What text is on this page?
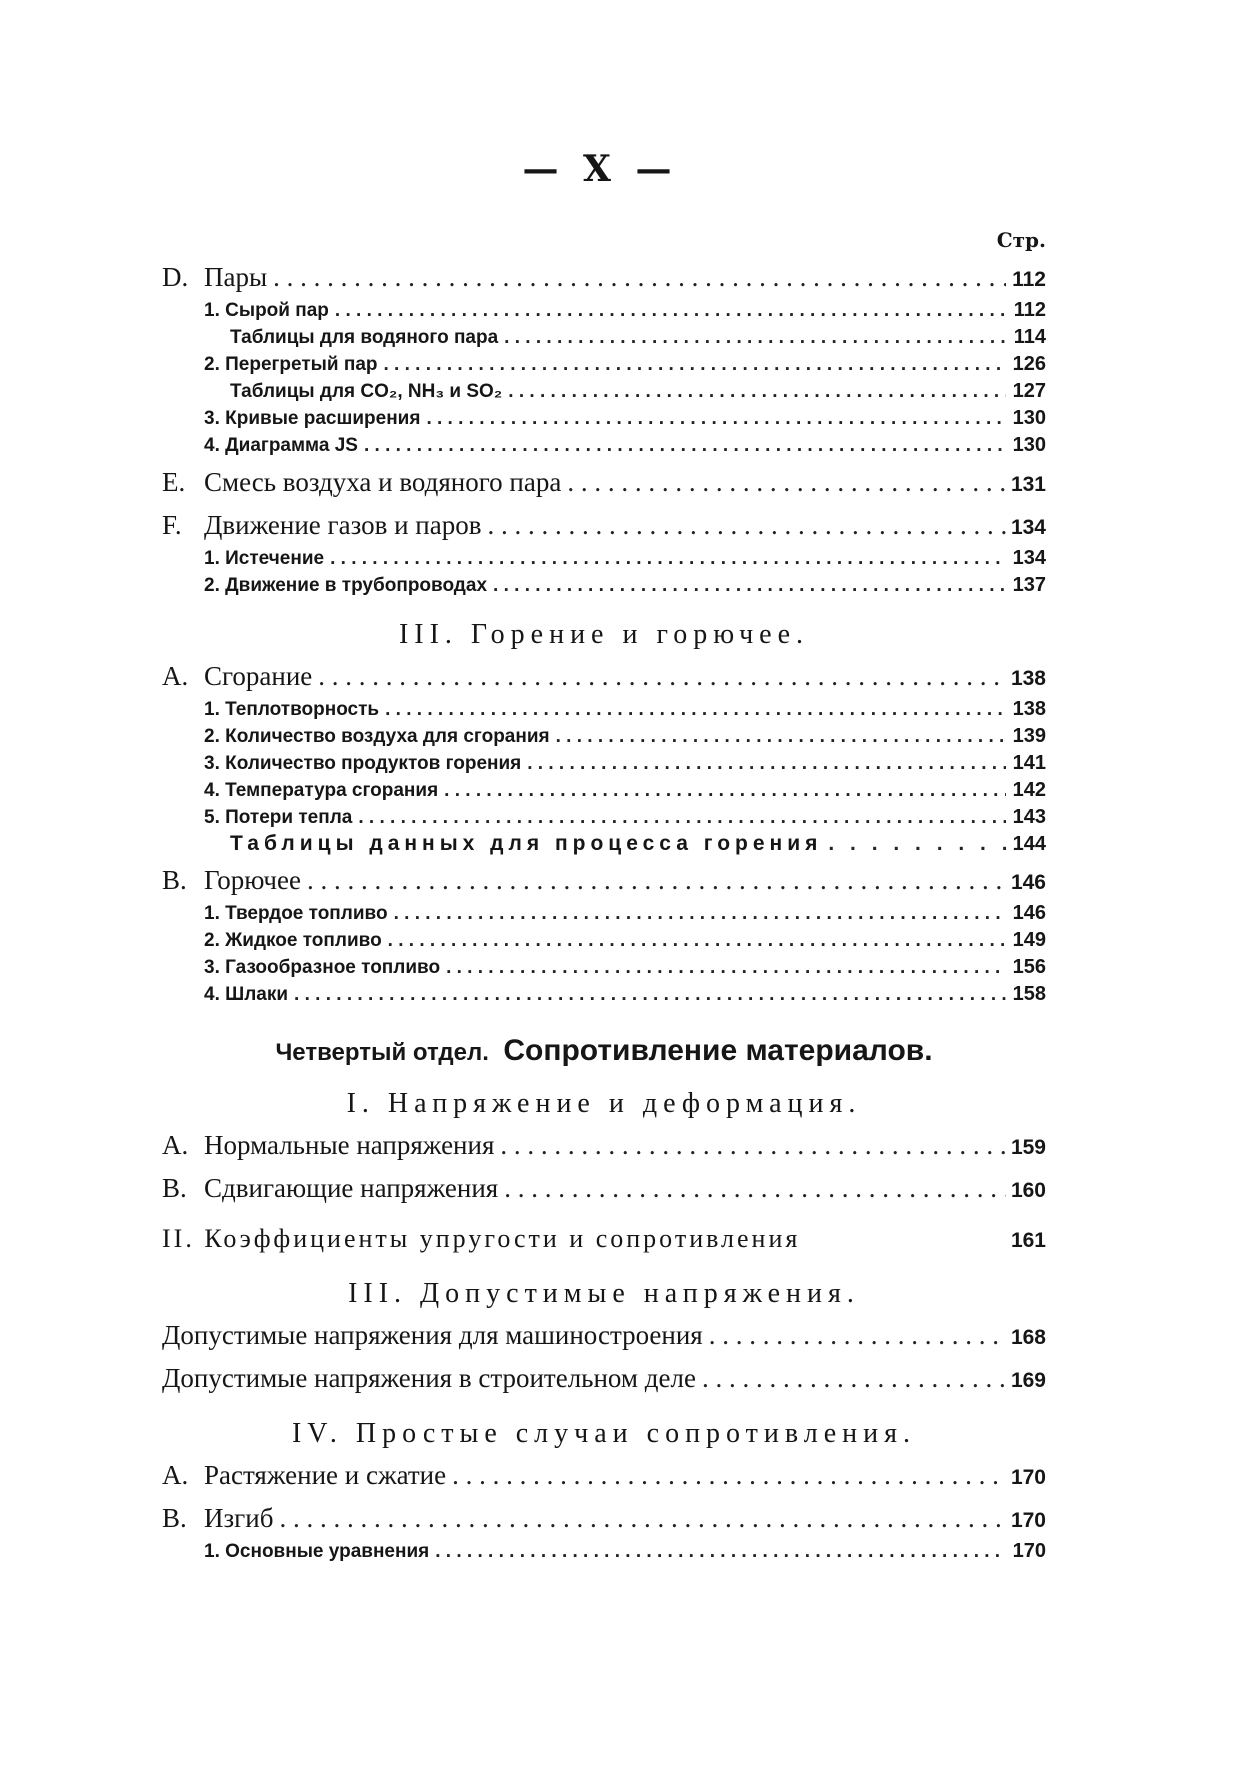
— X —
Стр.
D. Пары . . .	112
1. Сырой пар . . .	112
Таблицы для водяного пара . . .	114
2. Перегретый пар . . .	126
Таблицы для CO₂, NH₃ и SO₂ . . .	127
3. Кривые расширения . . .	130
4. Диаграмма JS . . .	130
E. Смесь воздуха и водяного пара . . .	131
F. Движение газов и паров . . .	134
1. Истечение . . .	134
2. Движение в трубопроводах . . .	137
III. Горение и горючее.
A. Сгорание . . .	138
1. Теплотворность . . .	138
2. Количество воздуха для сгорания . . .	139
3. Количество продуктов горения . . .	141
4. Температура сгорания . . .	142
5. Потери тепла . . .	143
Таблицы данных для процесса горения . . .	144
B. Горючее . . .	146
1. Твердое топливо . . .	146
2. Жидкое топливо . . .	149
3. Газообразное топливо . . .	156
4. Шлаки . . .	158
Четвертый отдел. Сопротивление материалов.
I. Напряжение и деформация.
A. Нормальные напряжения . . .	159
B. Сдвигающие напряжения . . .	160
II. Коэффициенты упругости и сопротивления	161
III. Допустимые напряжения.
Допустимые напряжения для машиностроения . . .	168
Допустимые напряжения в строительном деле . . .	169
IV. Простые случаи сопротивления.
A. Растяжение и сжатие . . .	170
B. Изгиб . . .	170
1. Основные уравнения . . .	170
